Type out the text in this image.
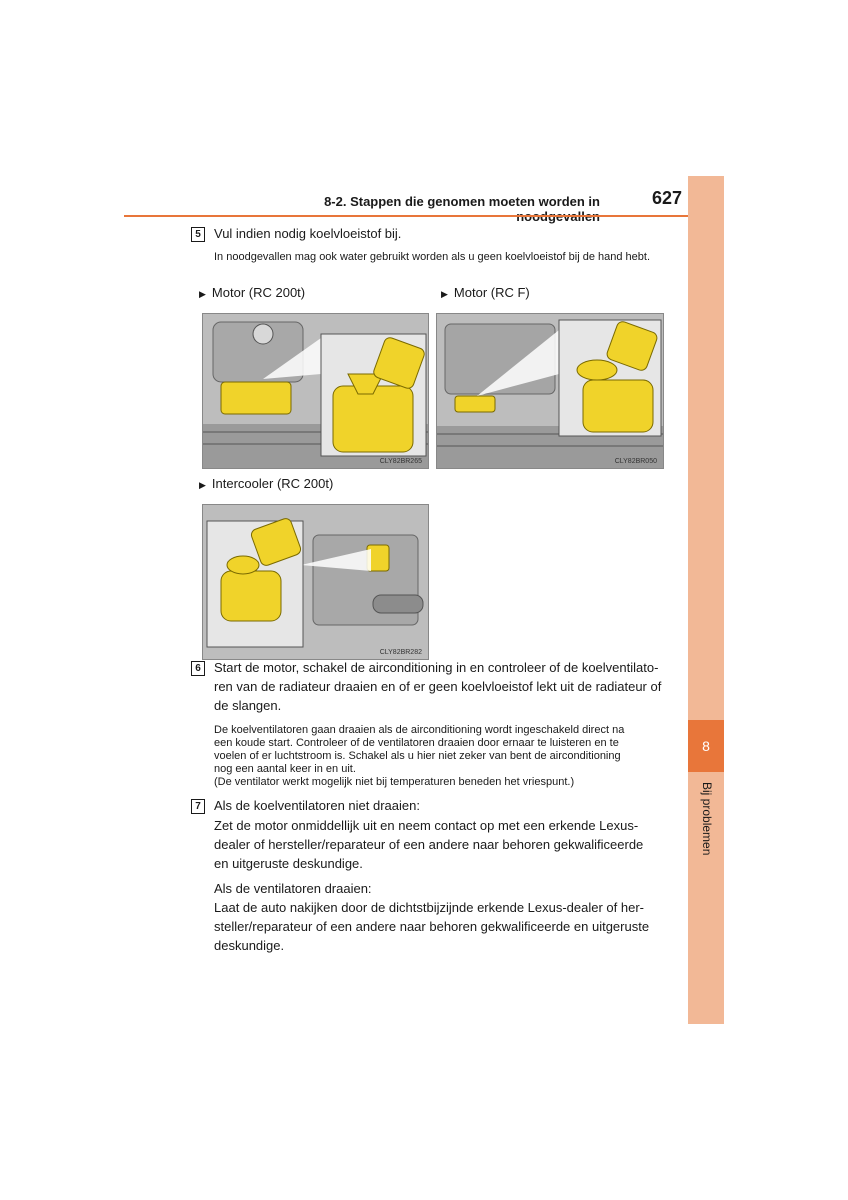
8
Bij problemen
8-2. Stappen die genomen moeten worden in	627
5	Vul indien nodig koelvloeistof bij.
In noodgevallen mag ook water gebruikt worden als u geen koelvloeistof bij de hand hebt.
▶ Motor (RC 200t)	▶ Motor (RC F)
CLY82BR265	CLY82BR050
▶ Intercooler (RC 200t)
CLY82BR282
6	Start de motor, schakel de airconditioning in en controleer of de koelventilato-
ren van de radiateur draaien en of er geen koelvloeistof lekt uit de radiateur of
de slangen.
De koelventilatoren gaan draaien als de airconditioning wordt ingeschakeld direct na
een koude start. Controleer of de ventilatoren draaien door ernaar te luisteren en te
voelen of er luchtstroom is. Schakel als u hier niet zeker van bent de airconditioning
nog een aantal keer in en uit.
(De ventilator werkt mogelijk niet bij temperaturen beneden het vriespunt.)
7	Als de koelventilatoren niet draaien:
Zet de motor onmiddellijk uit en neem contact op met een erkende Lexus-
dealer of hersteller/reparateur of een andere naar behoren gekwalificeerde
en uitgeruste deskundige.
Als de ventilatoren draaien:
Laat de auto nakijken door de dichtstbijzijnde erkende Lexus-dealer of her-
steller/reparateur of een andere naar behoren gekwalificeerde en uitgeruste
deskundige.
